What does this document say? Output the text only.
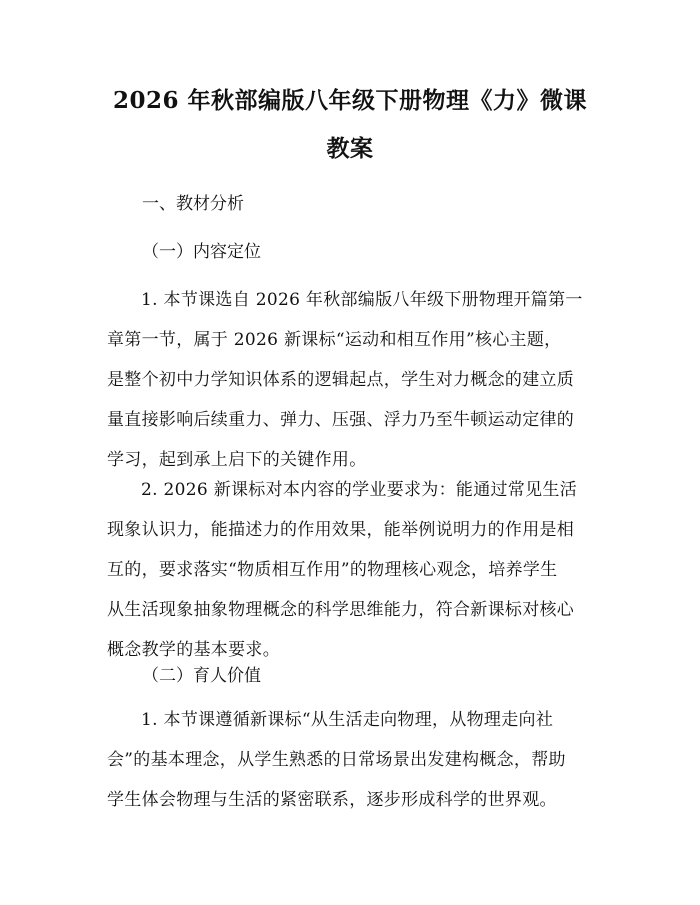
2026 年秋部编版八年级下册物理《力》微课
教案

一、教材分析

（一）内容定位

1. 本节课选自 2026 年秋部编版八年级下册物理开篇第一
章第一节，属于 2026 新课标“运动和相互作用”核心主题，
是整个初中力学知识体系的逻辑起点，学生对力概念的建立质
量直接影响后续重力、弹力、压强、浮力乃至牛顿运动定律的
学习，起到承上启下的关键作用。
2. 2026 新课标对本内容的学业要求为：能通过常见生活
现象认识力，能描述力的作用效果，能举例说明力的作用是相
互的，要求落实“物质相互作用”的物理核心观念，培养学生
从生活现象抽象物理概念的科学思维能力，符合新课标对核心
概念教学的基本要求。

（二）育人价值

1. 本节课遵循新课标“从生活走向物理，从物理走向社
会”的基本理念，从学生熟悉的日常场景出发建构概念，帮助
学生体会物理与生活的紧密联系，逐步形成科学的世界观。
